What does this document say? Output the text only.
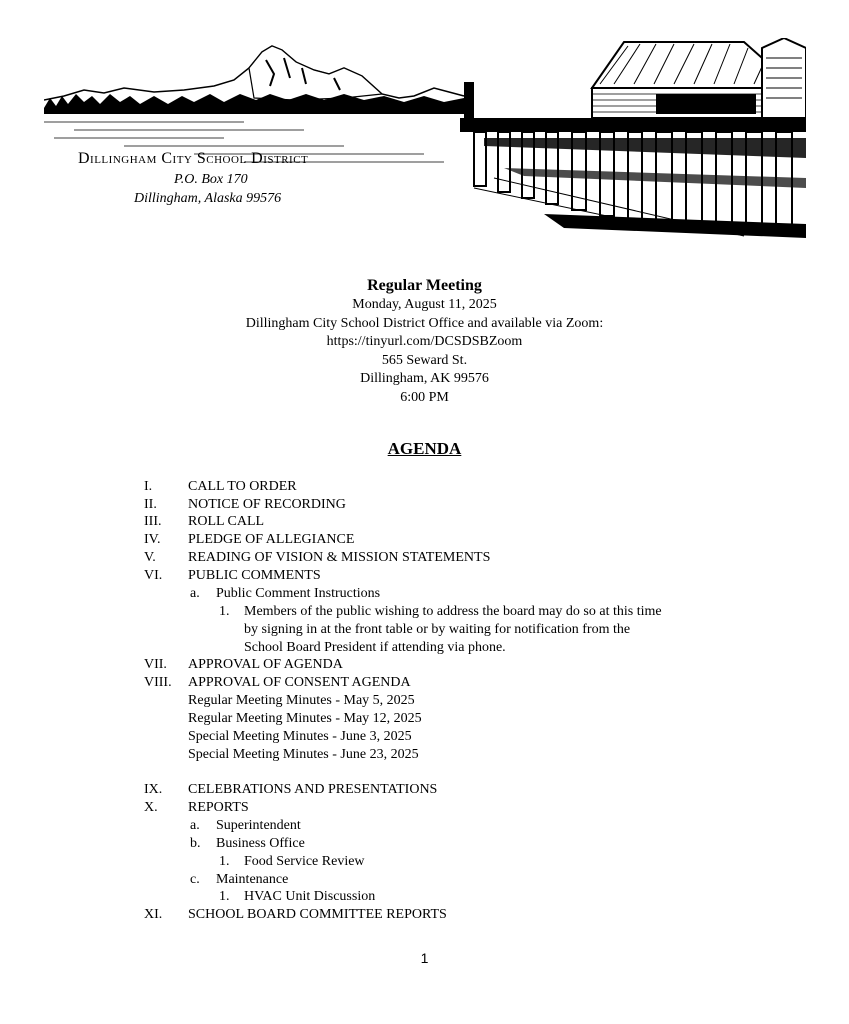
Dillingham City School District
P.O. Box 170
Dillingham, Alaska 99576
Regular Meeting
Monday, August 11, 2025
Dillingham City School District Office and available via Zoom:
https://tinyurl.com/DCSDSBZoom
565 Seward St.
Dillingham, AK 99576
6:00 PM
AGENDA
I.	CALL TO ORDER
II. NOTICE OF RECORDING
III. ROLL CALL
IV. PLEDGE OF ALLEGIANCE
V. READING OF VISION & MISSION STATEMENTS
VI. PUBLIC COMMENTS
a. Public Comment Instructions
1. Members of the public wishing to address the board may do so at this time
by signing in at the front table or by waiting for notification from the
School Board President if attending via phone.
VII. APPROVAL OF AGENDA
VIII. APPROVAL OF CONSENT AGENDA
Regular Meeting Minutes - May 5, 2025
Regular Meeting Minutes - May 12, 2025
Special Meeting Minutes - June 3, 2025
Special Meeting Minutes - June 23, 2025
IX. CELEBRATIONS AND PRESENTATIONS
X. REPORTS
a. Superintendent
b. Business Office
1. Food Service Review
c. Maintenance
1. HVAC Unit Discussion
XI. SCHOOL BOARD COMMITTEE REPORTS
1
